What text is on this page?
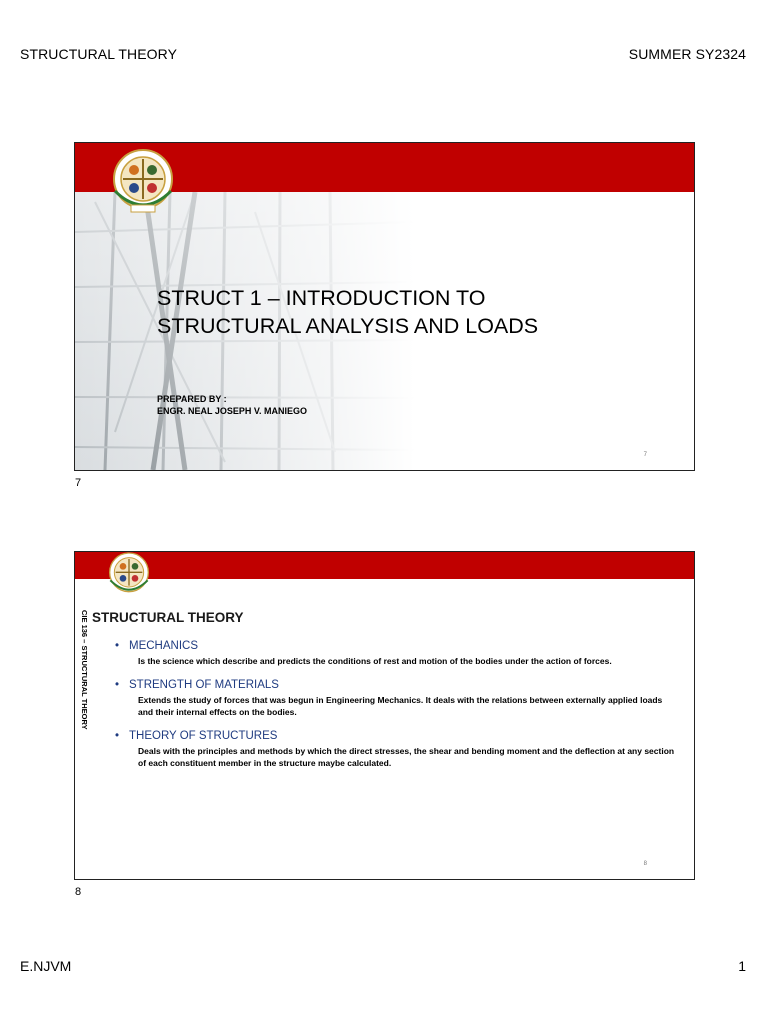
STRUCTURAL THEORY	SUMMER SY2324
STRUCT 1 – INTRODUCTION TO
STRUCTURAL ANALYSIS AND LOADS
PREPARED BY :
ENGR. NEAL JOSEPH V. MANIEGO
7
7
CIE 136 – STRUCTURAL THEORY STRUCTURAL THEORY
• MECHANICS
Is the science which describe and predicts the conditions of rest and motion of the bodies under the action of forces.
• STRENGTH OF MATERIALS
Extends the study of forces that was begun in Engineering Mechanics. It deals with the relations between externally applied loads and their internal effects on the bodies.
• THEORY OF STRUCTURES
Deals with the principles and methods by which the direct stresses, the shear and bending moment and the deflection at any section of each constituent member in the structure maybe calculated.
8
8
E.NJVM	1
